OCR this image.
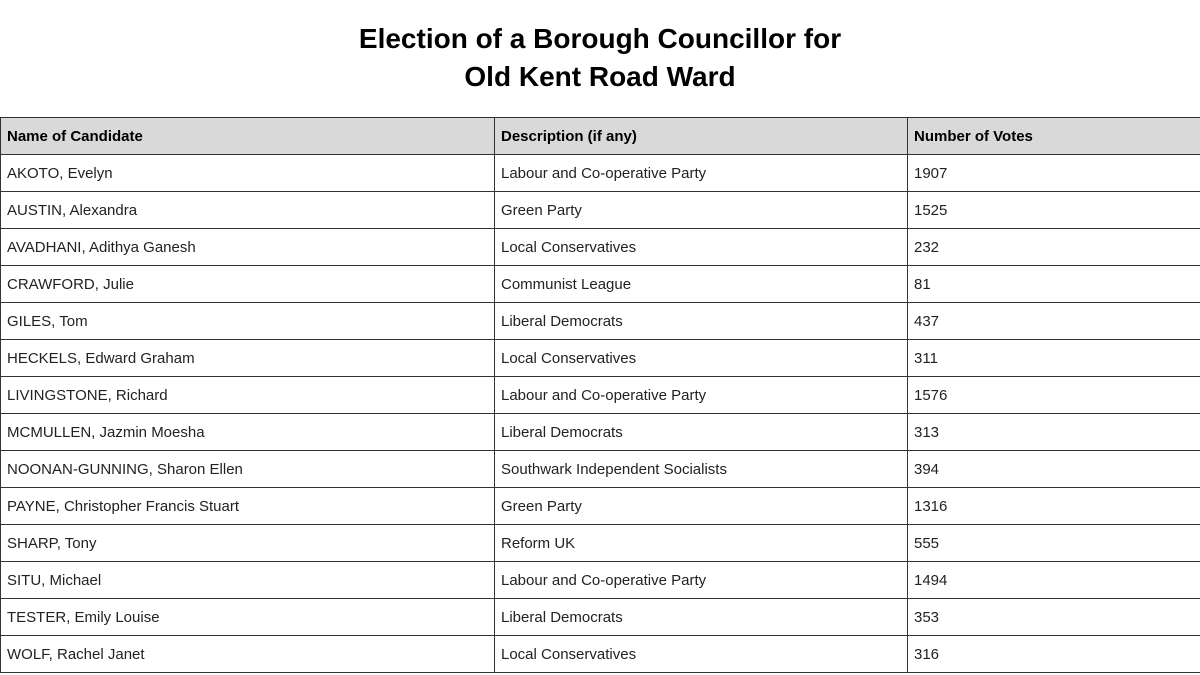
Election of a Borough Councillor for

Old Kent Road Ward

Name of Candidate	Description (if any)	Number of Votes
AKOTO, Evelyn	Labour and Co-operative Party	1907
AUSTIN, Alexandra	Green Party	1525
AVADHANI, Adithya Ganesh	Local Conservatives	232
CRAWFORD, Julie	Communist League	81
GILES, Tom	Liberal Democrats	437
HECKELS, Edward Graham	Local Conservatives	311
LIVINGSTONE, Richard	Labour and Co-operative Party	1576
MCMULLEN, Jazmin Moesha	Liberal Democrats	313
NOONAN-GUNNING, Sharon Ellen	Southwark Independent Socialists	394
PAYNE, Christopher Francis Stuart	Green Party	1316
SHARP, Tony	Reform UK	555
SITU, Michael	Labour and Co-operative Party	1494
TESTER, Emily Louise	Liberal Democrats	353
WOLF, Rachel Janet	Local Conservatives	316
